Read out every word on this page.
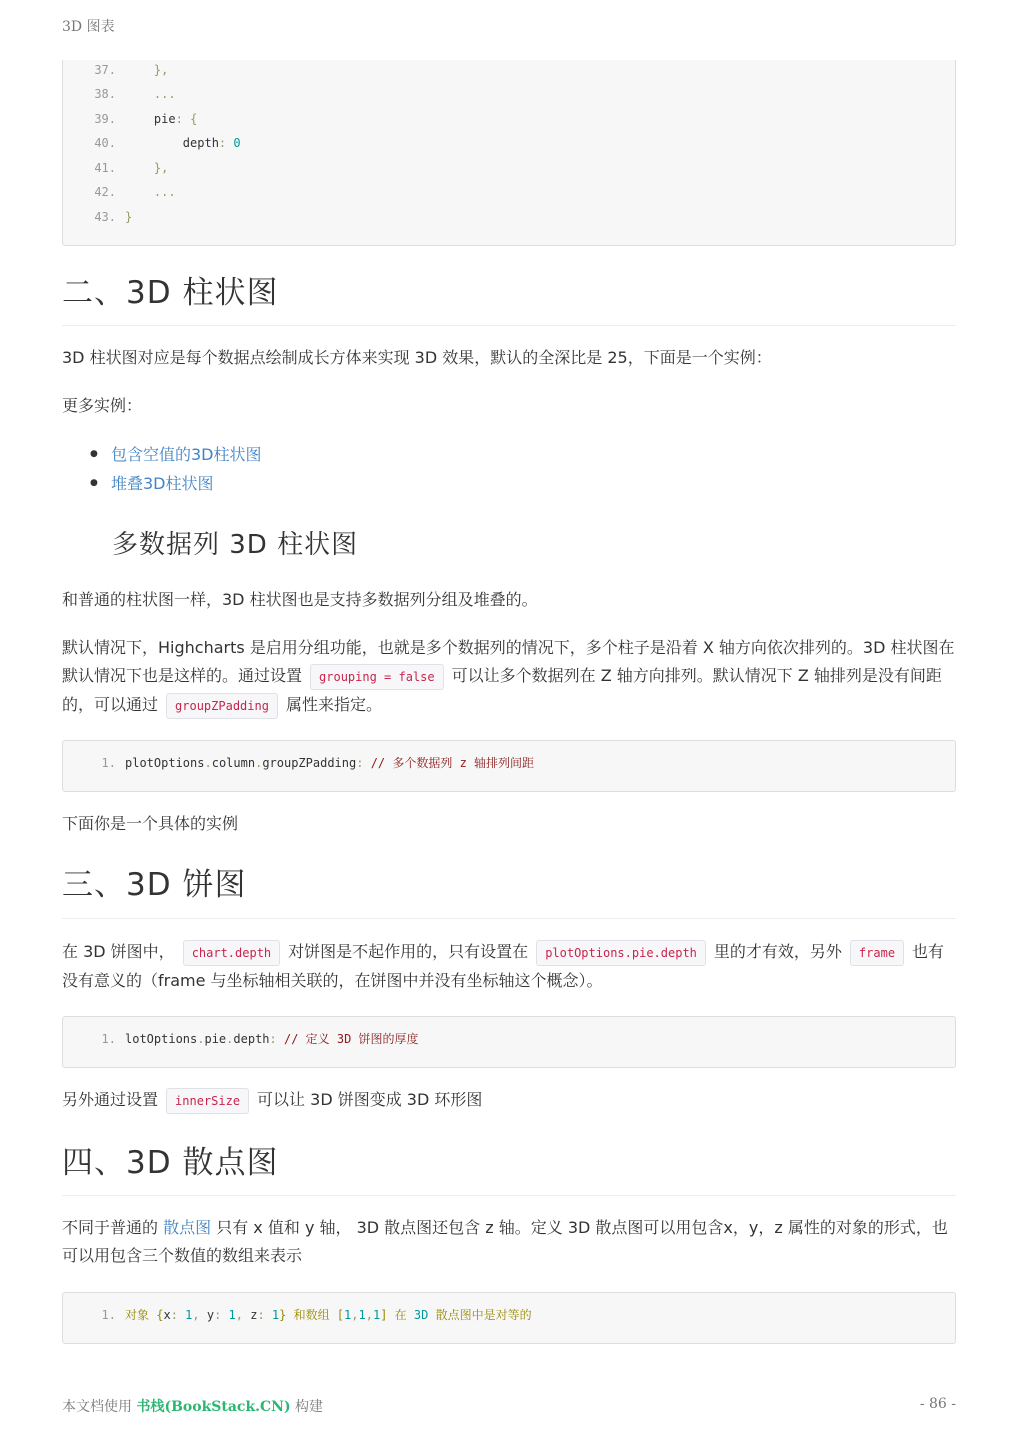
3D 图表
37.	},
38.	...
39.	pie: {
40.	depth: 0
41.	},
42.	...
43. }
二、3D 柱状图

3D 柱状图对应是每个数据点绘制成长方体来实现 3D 效果，默认的全深比是 25，下面是一个实例：

更多实例：

● 包含空值的3D柱状图
● 堆叠3D柱状图
多数据列 3D 柱状图

和普通的柱状图一样，3D 柱状图也是支持多数据列分组及堆叠的。

默认情况下，Highcharts 是启用分组功能，也就是多个数据列的情况下，多个柱子是沿着 X 轴方向依次排列的。3D 柱状图在默认情况下也是这样的。通过设置 grouping = false 可以让多个数据列在 Z 轴方向排列。默认情况下 Z 轴排列是没有间距的，可以通过 groupZPadding 属性来指定。

1. plotOptions.column.groupZPadding: // 多个数据列 z 轴排列间距

下面你是一个具体的实例

三、3D 饼图

在 3D 饼图中， chart.depth 对饼图是不起作用的，只有设置在 plotOptions.pie.depth 里的才有效，另外 frame 也有没有意义的（frame 与坐标轴相关联的，在饼图中并没有坐标轴这个概念）。

1. lotOptions.pie.depth: // 定义 3D 饼图的厚度

另外通过设置 innerSize 可以让 3D 饼图变成 3D 环形图

四、3D 散点图

不同于普通的 散点图 只有 x 值和 y 轴， 3D 散点图还包含 z 轴。定义 3D 散点图可以用包含x，y，z 属性的对象的形式，也可以用包含三个数值的数组来表示

1. 对象 {x: 1, y: 1, z: 1} 和数组 [1,1,1] 在 3D 散点图中是对等的
本文档使用 书栈(BookStack.CN) 构建	- 86 -
